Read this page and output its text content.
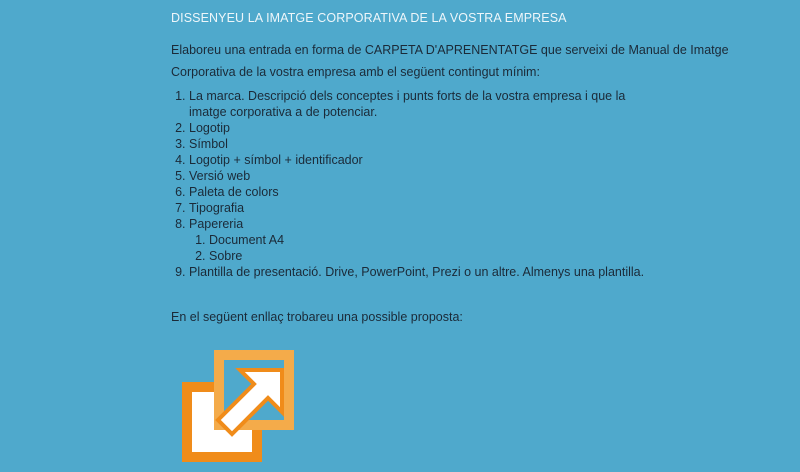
DISSENYEU LA IMATGE CORPORATIVA DE LA VOSTRA EMPRESA
Elaboreu una entrada en forma de CARPETA D'APRENENTATGE que serveixi de Manual de Imatge Corporativa de la vostra empresa amb el següent contingut mínim:
1. La marca. Descripció dels conceptes i punts forts de la vostra empresa i que la imatge corporativa a de potenciar.
2. Logotip
3. Símbol
4. Logotip + símbol + identificador
5. Versió web
6. Paleta de colors
7. Tipografia
8. Papereria
1. Document A4
2. Sobre
9. Plantilla de presentació. Drive, PowerPoint, Prezi o un altre. Almenys una plantilla.
En el següent enllaç trobareu una possible proposta:
